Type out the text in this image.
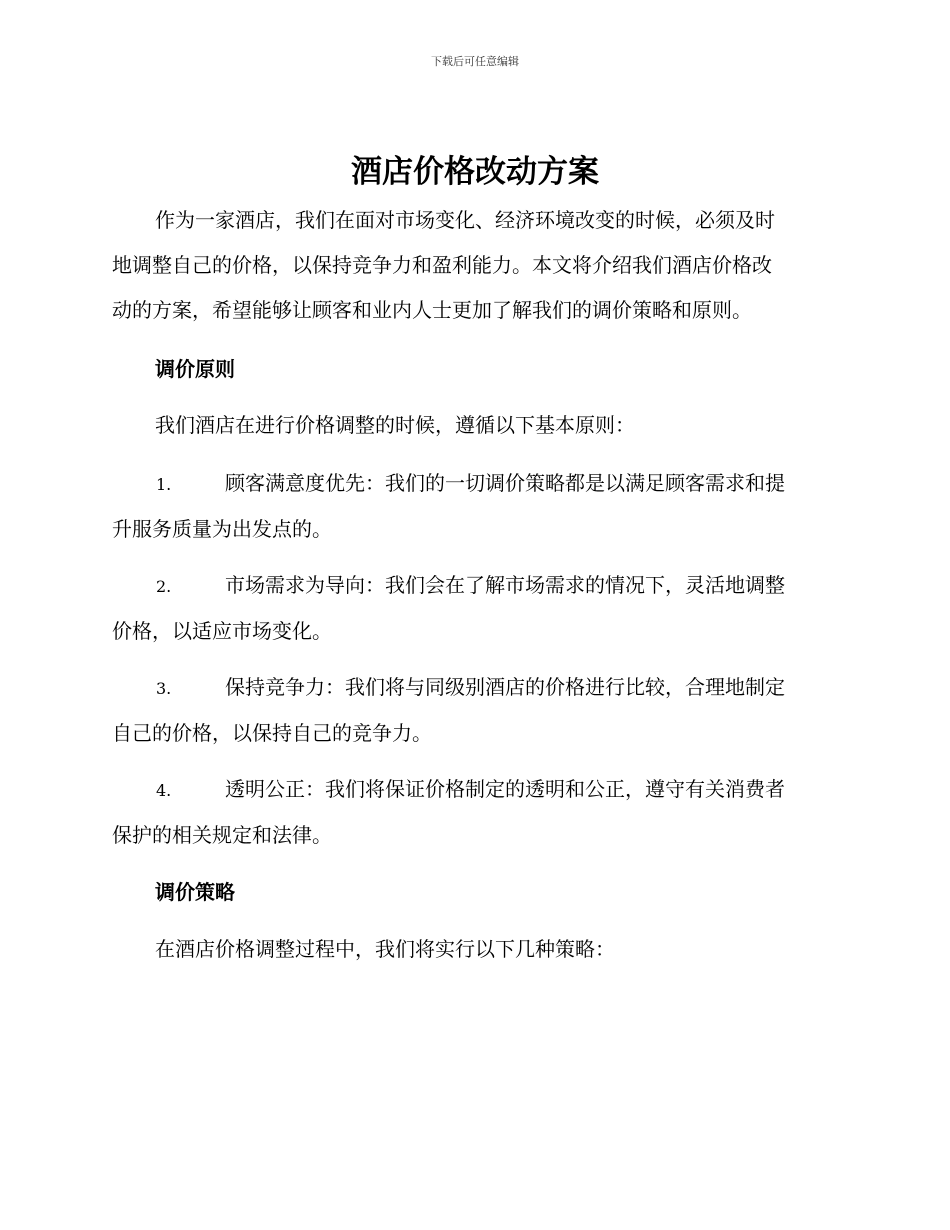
下载后可任意编辑
酒店价格改动方案

作为一家酒店，我们在面对市场变化、经济环境改变的时候，必须及时
地调整自己的价格，以保持竞争力和盈利能力。本文将介绍我们酒店价格改
动的方案，希望能够让顾客和业内人士更加了解我们的调价策略和原则。

调价原则

我们酒店在进行价格调整的时候，遵循以下基本原则：

1.	顾客满意度优先：我们的一切调价策略都是以满足顾客需求和提
升服务质量为出发点的。
2.	市场需求为导向：我们会在了解市场需求的情况下，灵活地调整
价格，以适应市场变化。
3.	保持竞争力：我们将与同级别酒店的价格进行比较，合理地制定
自己的价格，以保持自己的竞争力。
4.	透明公正：我们将保证价格制定的透明和公正，遵守有关消费者
保护的相关规定和法律。
调价策略

在酒店价格调整过程中，我们将实行以下几种策略：
